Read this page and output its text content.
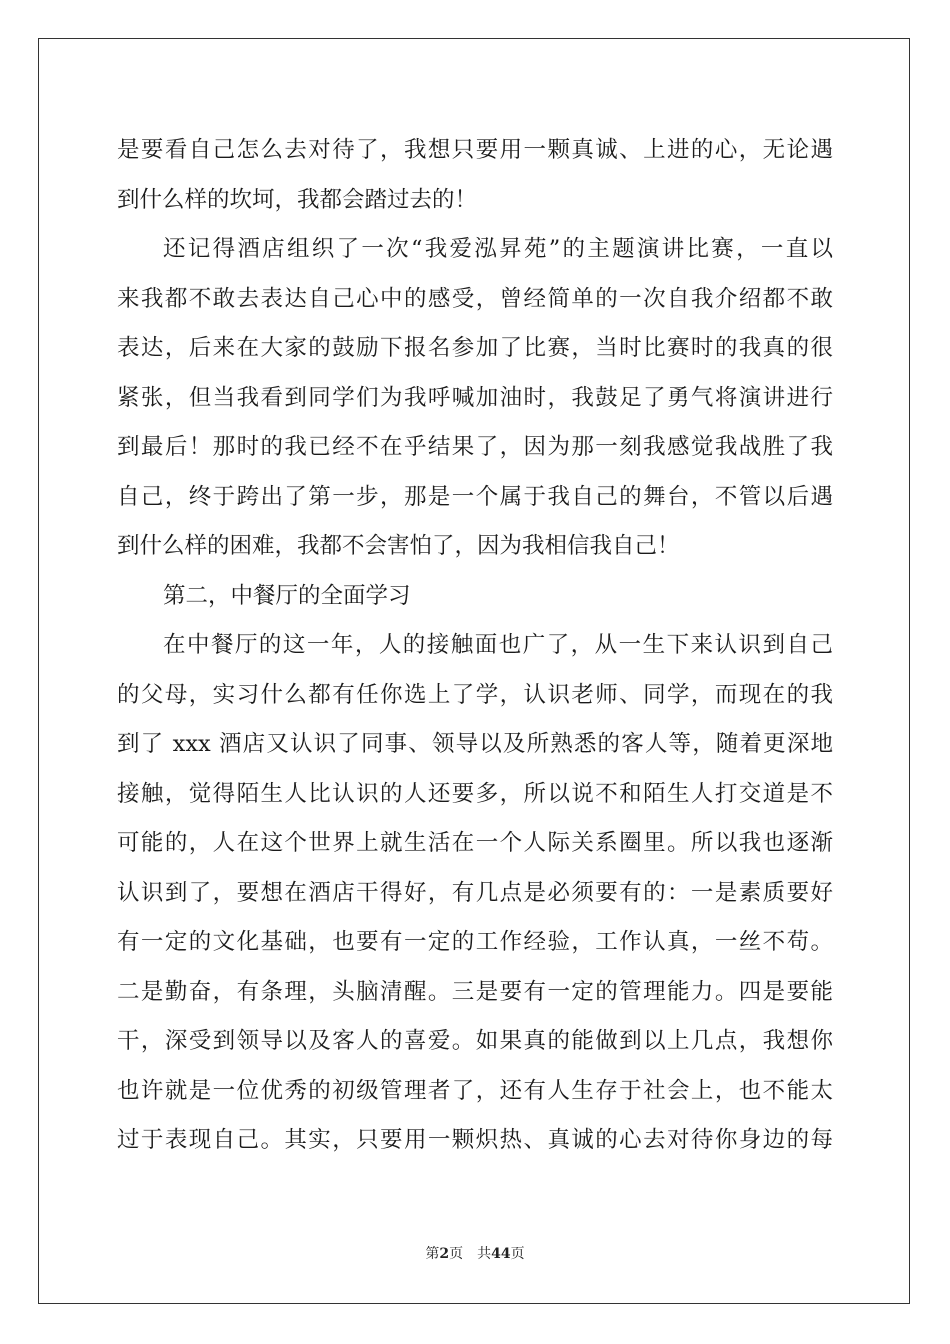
是要看自己怎么去对待了，我想只要用一颗真诚、上进的心，无论遇
到什么样的坎坷，我都会踏过去的！
还记得酒店组织了一次“我爱泓昇苑”的主题演讲比赛，一直以
来我都不敢去表达自己心中的感受，曾经简单的一次自我介绍都不敢
表达，后来在大家的鼓励下报名参加了比赛，当时比赛时的我真的很
紧张，但当我看到同学们为我呼喊加油时，我鼓足了勇气将演讲进行
到最后！那时的我已经不在乎结果了，因为那一刻我感觉我战胜了我
自己，终于跨出了第一步，那是一个属于我自己的舞台，不管以后遇
到什么样的困难，我都不会害怕了，因为我相信我自己！
第二，中餐厅的全面学习
在中餐厅的这一年，人的接触面也广了，从一生下来认识到自己
的父母，实习什么都有任你选上了学，认识老师、同学，而现在的我
到了 xxx 酒店又认识了同事、领导以及所熟悉的客人等，随着更深地
接触，觉得陌生人比认识的人还要多，所以说不和陌生人打交道是不
可能的，人在这个世界上就生活在一个人际关系圈里。所以我也逐渐
认识到了，要想在酒店干得好，有几点是必须要有的：一是素质要好
有一定的文化基础，也要有一定的工作经验，工作认真，一丝不苟。
二是勤奋，有条理，头脑清醒。三是要有一定的管理能力。四是要能
干，深受到领导以及客人的喜爱。如果真的能做到以上几点，我想你
也许就是一位优秀的初级管理者了，还有人生存于社会上，也不能太
过于表现自己。其实，只要用一颗炽热、真诚的心去对待你身边的每
第2页 共44页
